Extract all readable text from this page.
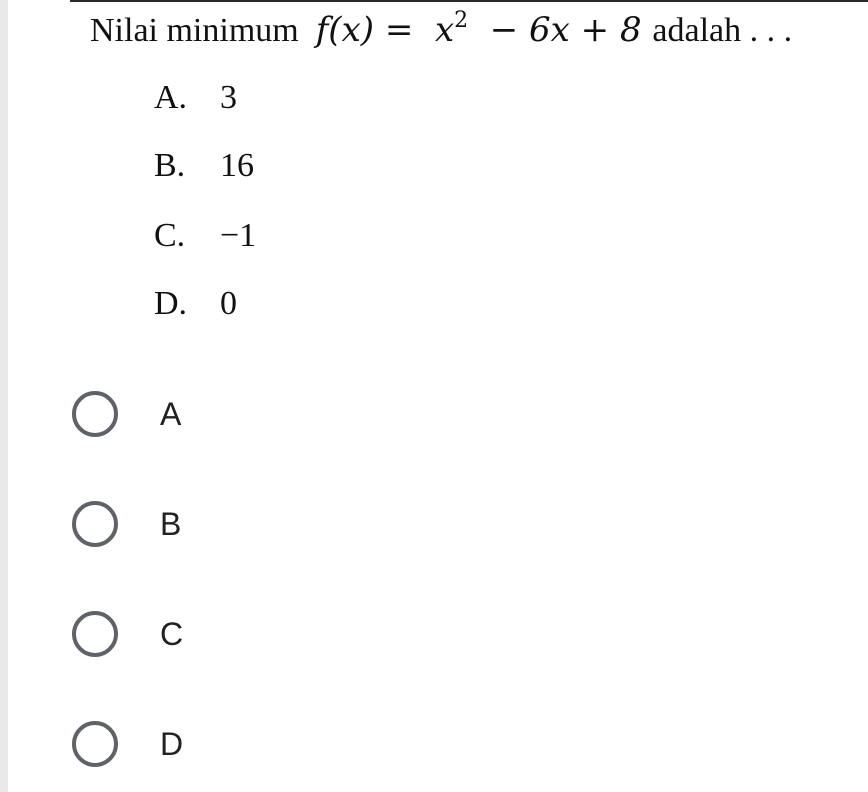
Nilai minimum $f(x) = x^2 - 6x + 8$ adalah . . .
A. 3
B. 16
C. −1
D. 0
A
B
C
D
